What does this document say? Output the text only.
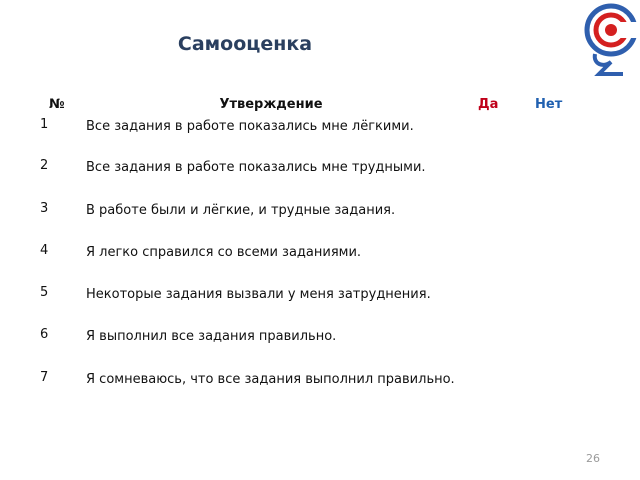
Самооценка
№	Утверждение	Да	Нет
1	Все задания в работе показались мне лёгкими.
2	Все задания в работе показались мне трудными.
3	В работе были и лёгкие, и трудные задания.
4	Я легко справился со всеми заданиями.
5	Некоторые задания вызвали у меня затруднения.
6	Я выполнил все задания правильно.
7	Я сомневаюсь, что все задания выполнил правильно.
26
